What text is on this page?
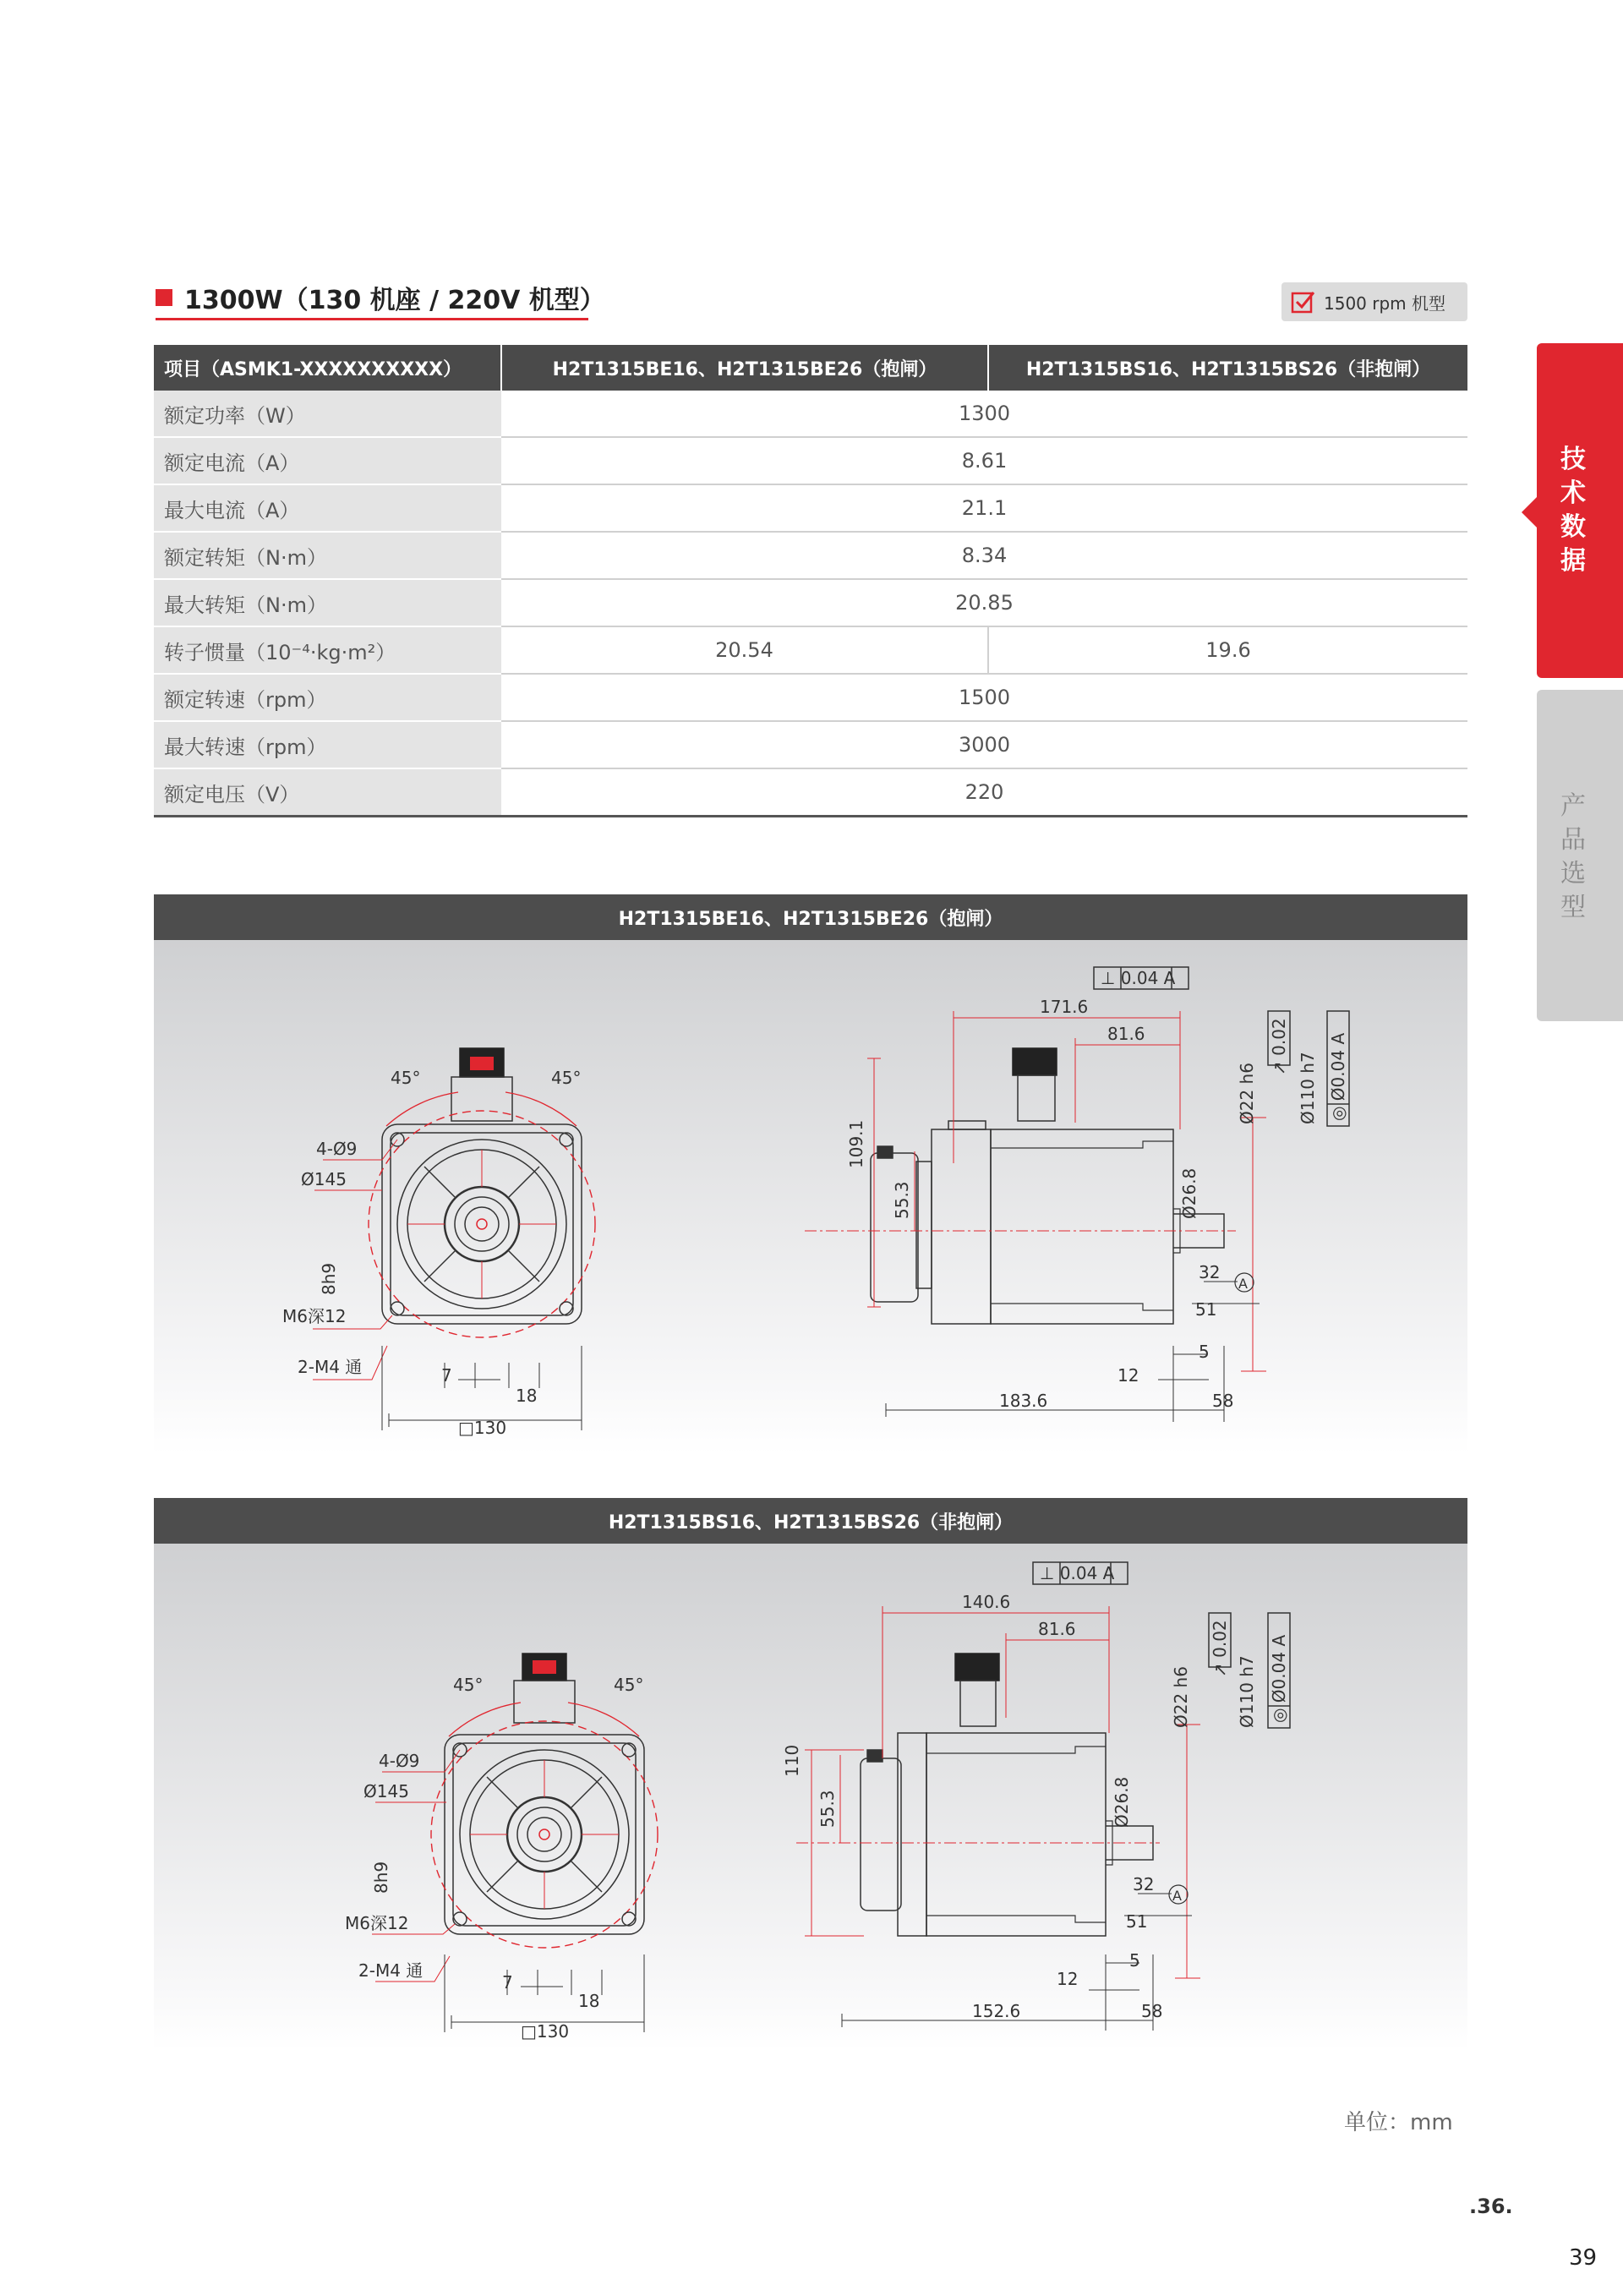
1300W（130 机座 / 220V 机型）	1500 rpm 机型
项目（ASMK1-XXXXXXXXXX）	H2T1315BE16、H2T1315BE26（抱闸）	H2T1315BS16、H2T1315BS26（非抱闸）
额定功率（W）	1300	
额定电流（A）	8.61	
最大电流（A）	21.1	
额定转矩（N·m）	8.34	
最大转矩（N·m）	20.85	
转子惯量（10⁻⁴·kg·m²）	20.54	19.6
额定转速（rpm）	1500	
最大转速（rpm）	3000	
额定电压（V）	220	
技
术
数
据
产
品
选
型
H2T1315BE16、H2T1315BE26（抱闸）
45°	45°
4-Ø9
Ø145
8h9
M6深12
2-M4 通	7
18
□130
⊥ 0.04 A
171.6
81.6
109.1
55.3	Ø26.8
Ø22 h6
↗ 0.02
Ø110 h7 ◎ Ø0.04 A
32
A
51
5
12
183.6	58
H2T1315BS16、H2T1315BS26（非抱闸）
45°	45°
4-Ø9
Ø145
8h9
M6深12
2-M4 通
7
18
□130
⊥ 0.04 A
140.6
81.6
110
55.3	Ø26.8
Ø22 h6
↗ 0.02
Ø110 h7 ◎ Ø0.04 A
32
A
51
5
12
152.6	58
单位：mm
.36.
39
